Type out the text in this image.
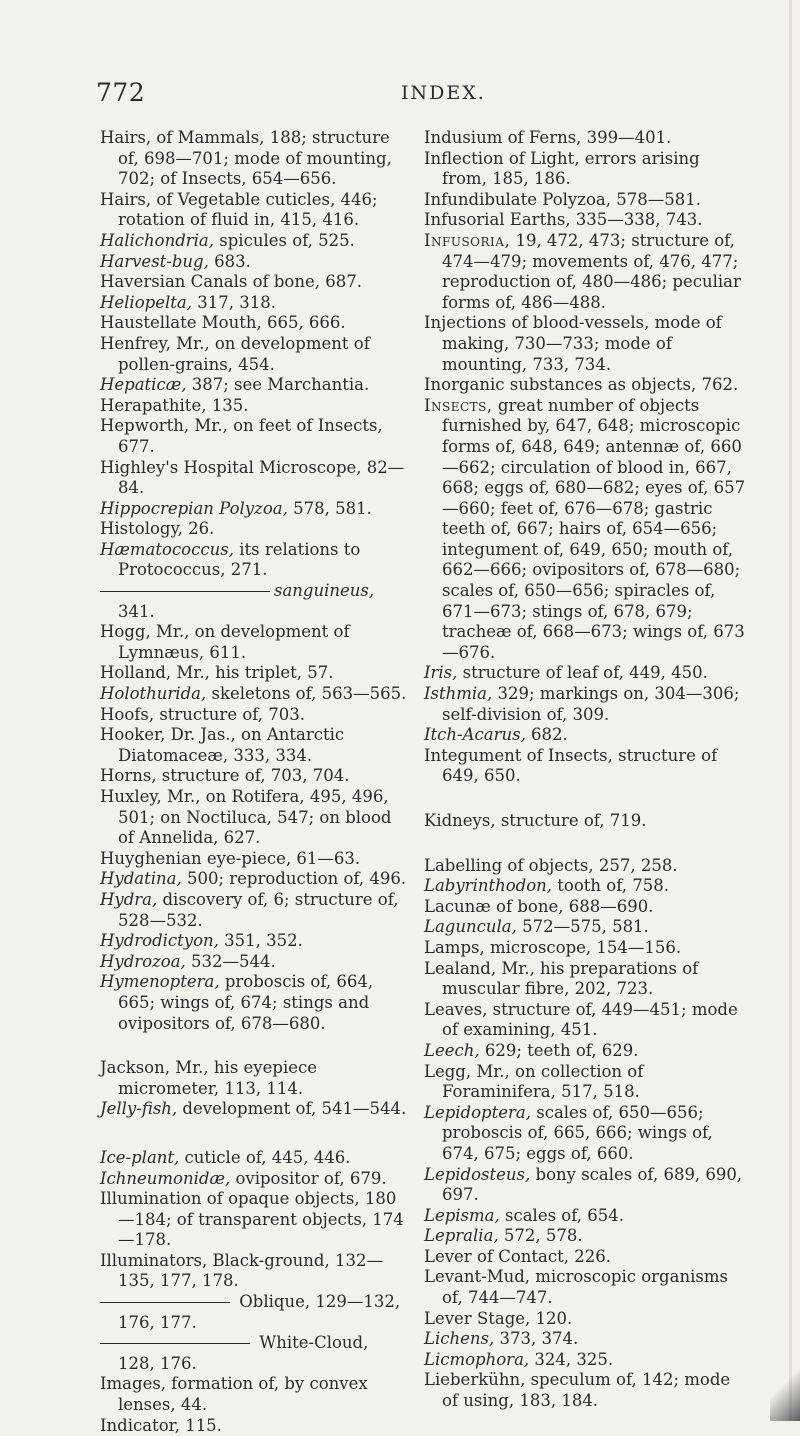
772	INDEX.

Hairs, of Mammals, 188; structure of, 698—701; mode of mounting, 702; of Insects, 654—656.

Hairs, of Vegetable cuticles, 446; rotation of fluid in, 415, 416.

Halichondria, spicules of, 525.

Harvest-bug, 683.

Haversian Canals of bone, 687.

Heliopelta, 317, 318.

Haustellate Mouth, 665, 666.

Henfrey, Mr., on development of pollen-grains, 454.

Hepaticæ, 387; see Marchantia.

Herapathite, 135.

Hepworth, Mr., on feet of Insects, 677.

Highley's Hospital Microscope, 82—84.

Hippocrepian Polyzoa, 578, 581.

Histology, 26.

Hæmatococcus, its relations to Protococcus, 271.

sanguineus, 341.

Hogg, Mr., on development of Lymnæus, 611.

Holland, Mr., his triplet, 57.

Holothurida, skeletons of, 563—565.

Hoofs, structure of, 703.

Hooker, Dr. Jas., on Antarctic Diatomaceæ, 333, 334.

Horns, structure of, 703, 704.

Huxley, Mr., on Rotifera, 495, 496, 501; on Noctiluca, 547; on blood of Annelida, 627.

Huyghenian eye-piece, 61—63.

Hydatina, 500; reproduction of, 496.

Hydra, discovery of, 6; structure of, 528—532.

Hydrodictyon, 351, 352.

Hydrozoa, 532—544.

Hymenoptera, proboscis of, 664, 665; wings of, 674; stings and ovipositors of, 678—680.

Jackson, Mr., his eyepiece micrometer, 113, 114.

Jelly-fish, development of, 541—544.

Ice-plant, cuticle of, 445, 446.

Ichneumonidæ, ovipositor of, 679.

Illumination of opaque objects, 180—184; of transparent objects, 174—178.

Illuminators, Black-ground, 132—135, 177, 178.

Oblique, 129—132, 176, 177.

White-Cloud, 128, 176.

Images, formation of, by convex lenses, 44.

Indicator, 115.

Indusium of Ferns, 399—401.

Inflection of Light, errors arising from, 185, 186.

Infundibulate Polyzoa, 578—581.

Infusorial Earths, 335—338, 743.

Infusoria, 19, 472, 473; structure of, 474—479; movements of, 476, 477; reproduction of, 480—486; peculiar forms of, 486—488.

Injections of blood-vessels, mode of making, 730—733; mode of mounting, 733, 734.

Inorganic substances as objects, 762.

Insects, great number of objects furnished by, 647, 648; microscopic forms of, 648, 649; antennæ of, 660—662; circulation of blood in, 667, 668; eggs of, 680—682; eyes of, 657—660; feet of, 676—678; gastric teeth of, 667; hairs of, 654—656; integument of, 649, 650; mouth of, 662—666; ovipositors of, 678—680; scales of, 650—656; spiracles of, 671—673; stings of, 678, 679; tracheæ of, 668—673; wings of, 673—676.

Iris, structure of leaf of, 449, 450.

Isthmia, 329; markings on, 304—306; self-division of, 309.

Itch-Acarus, 682.

Integument of Insects, structure of 649, 650.

Kidneys, structure of, 719.

Labelling of objects, 257, 258.

Labyrinthodon, tooth of, 758.

Lacunæ of bone, 688—690.

Laguncula, 572—575, 581.

Lamps, microscope, 154—156.

Lealand, Mr., his preparations of muscular fibre, 202, 723.

Leaves, structure of, 449—451; mode of examining, 451.

Leech, 629; teeth of, 629.

Legg, Mr., on collection of Foraminifera, 517, 518.

Lepidoptera, scales of, 650—656; proboscis of, 665, 666; wings of, 674, 675; eggs of, 660.

Lepidosteus, bony scales of, 689, 690, 697.

Lepisma, scales of, 654.

Lepralia, 572, 578.

Lever of Contact, 226.

Levant-Mud, microscopic organisms of, 744—747.

Lever Stage, 120.

Lichens, 373, 374.

Licmophora, 324, 325.

Lieberkühn, speculum of, 142; mode of using, 183, 184.
